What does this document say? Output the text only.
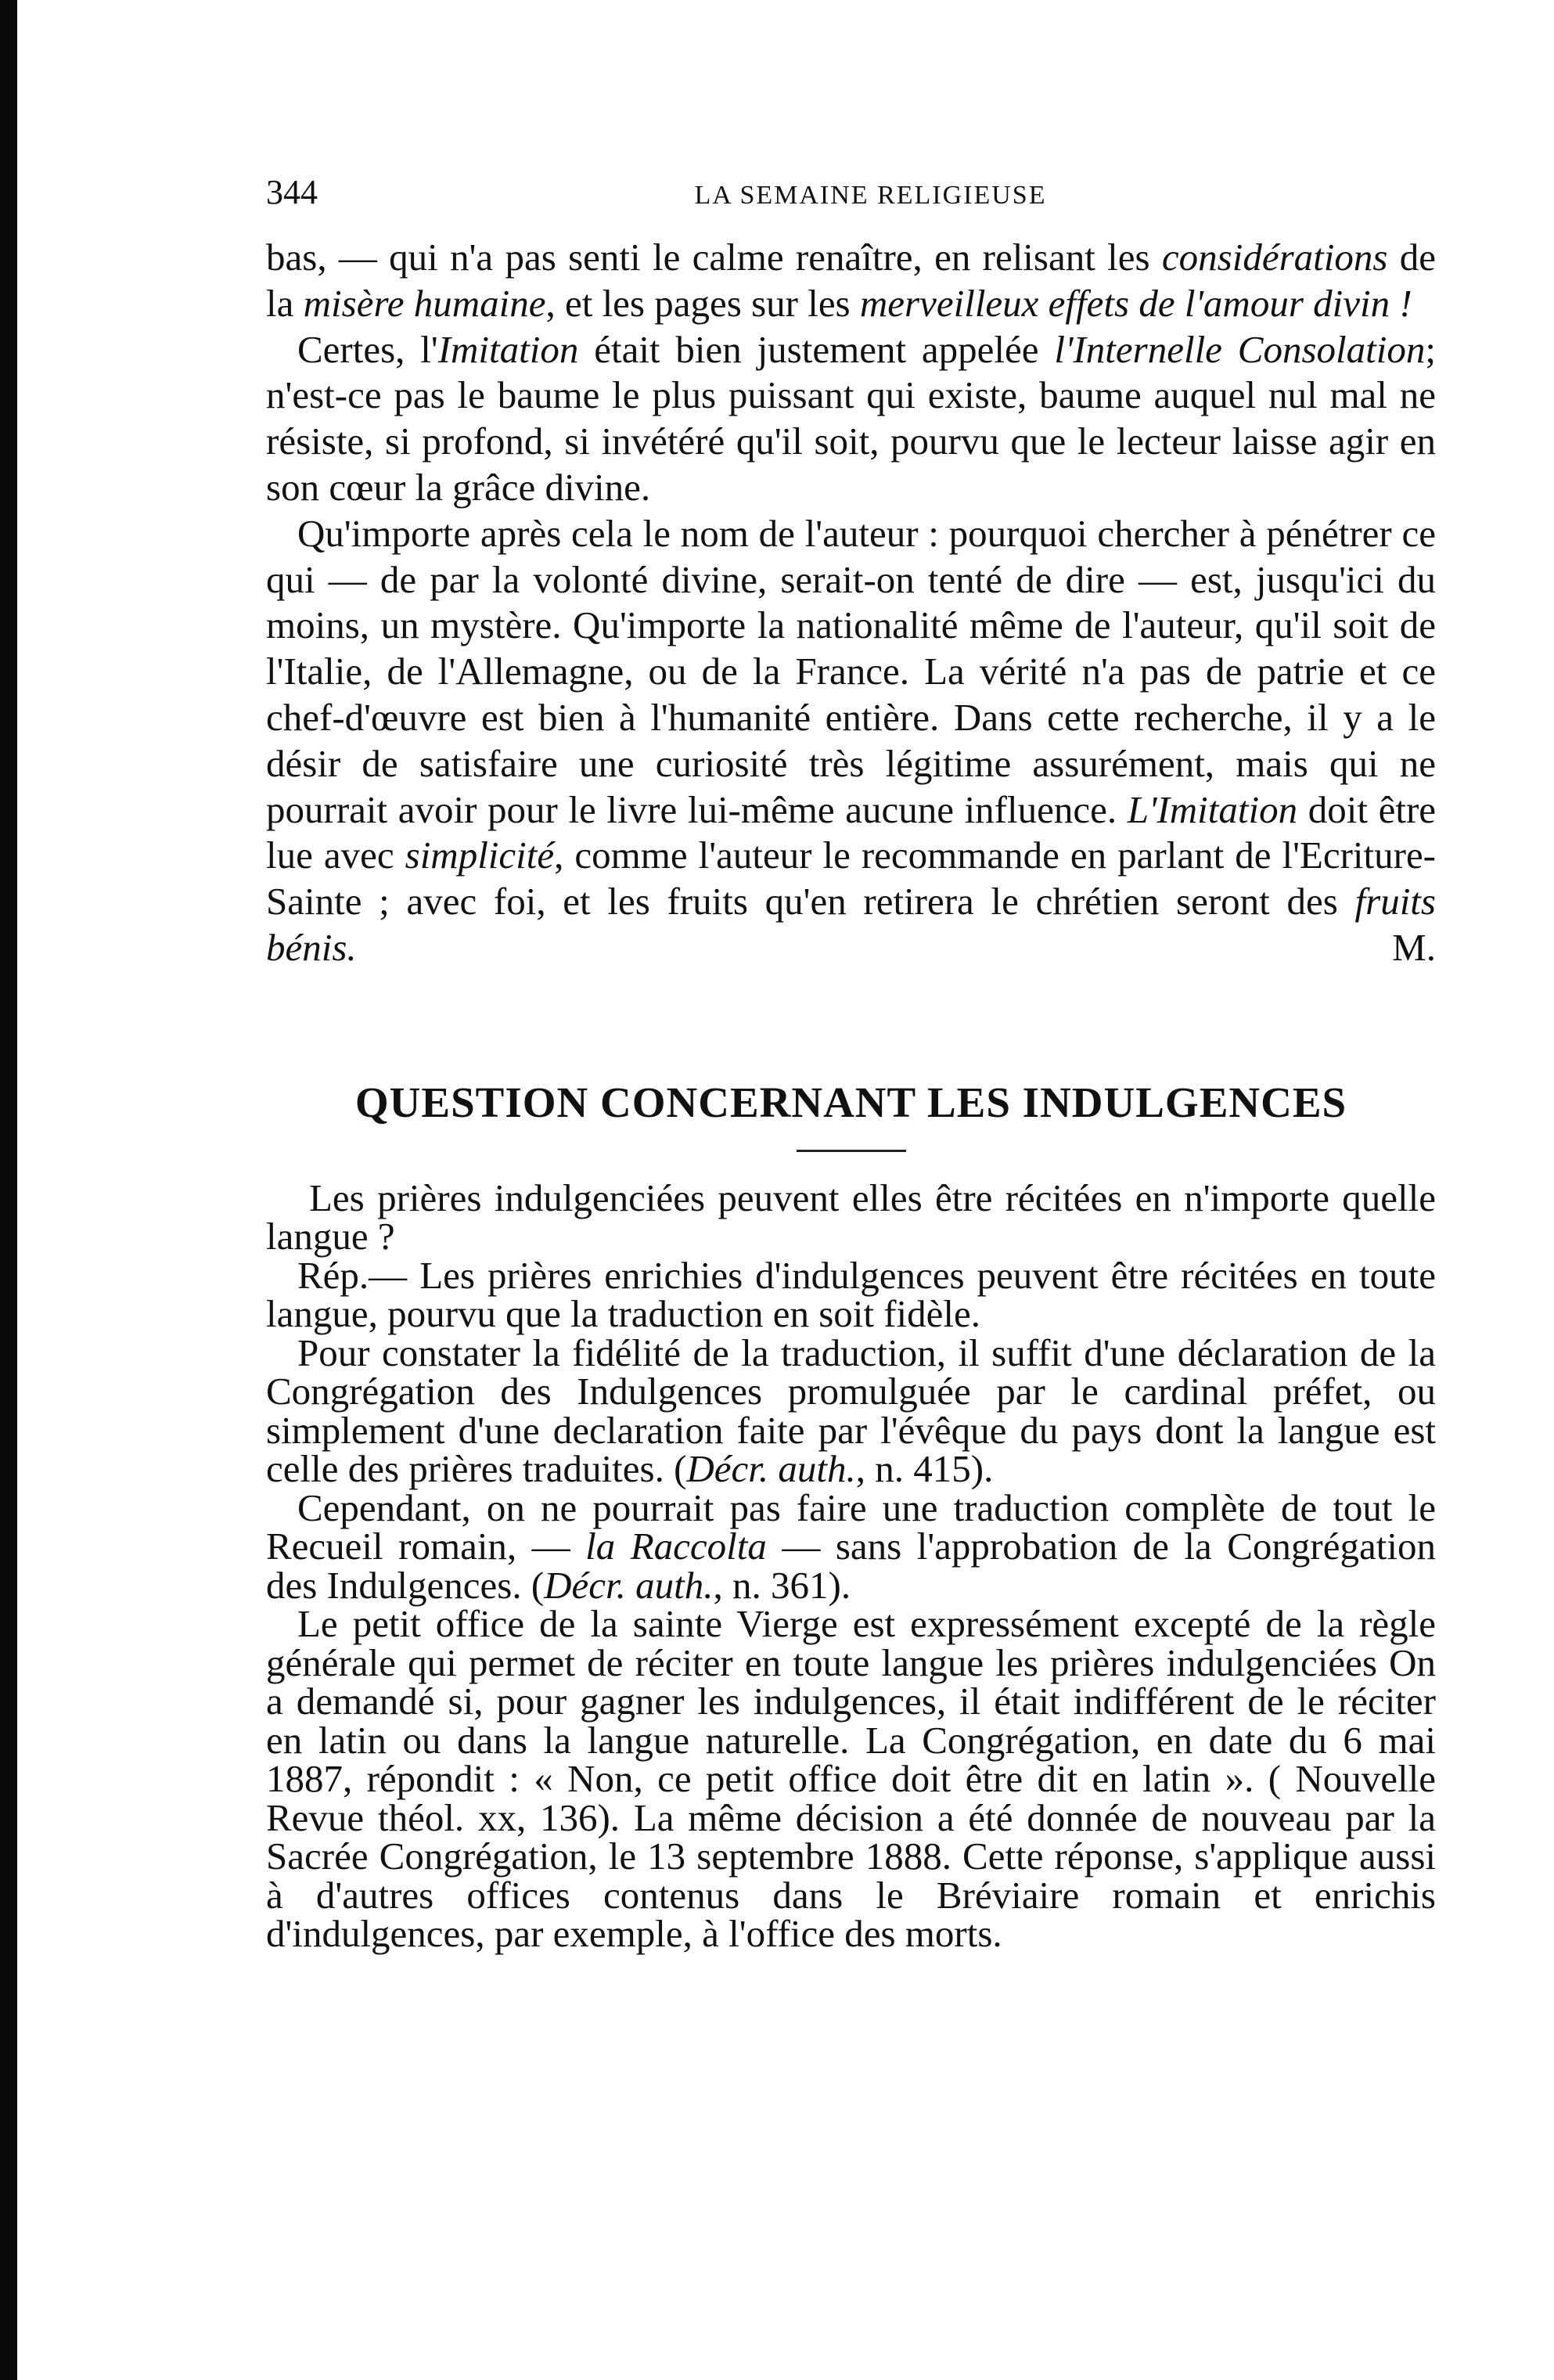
344	LA SEMAINE RELIGIEUSE

bas, — qui n'a pas senti le calme renaître, en relisant les considérations de la misère humaine, et les pages sur les merveilleux effets de l'amour divin !

Certes, l'Imitation était bien justement appelée l'Internelle Consolation; n'est-ce pas le baume le plus puissant qui existe, baume auquel nul mal ne résiste, si profond, si invétéré qu'il soit, pourvu que le lecteur laisse agir en son cœur la grâce divine.

Qu'importe après cela le nom de l'auteur : pourquoi chercher à pénétrer ce qui — de par la volonté divine, serait-on tenté de dire — est, jusqu'ici du moins, un mystère. Qu'importe la nationalité même de l'auteur, qu'il soit de l'Italie, de l'Allemagne, ou de la France. La vérité n'a pas de patrie et ce chef-d'œuvre est bien à l'humanité entière. Dans cette recherche, il y a le désir de satisfaire une curiosité très légitime assurément, mais qui ne pourrait avoir pour le livre lui-même aucune influence. L'Imitation doit être lue avec simplicité, comme l'auteur le recommande en parlant de l'Ecriture-Sainte ; avec foi, et les fruits qu'en retirera le chrétien seront des fruits bénis.	M.

QUESTION CONCERNANT LES INDULGENCES

Les prières indulgenciées peuvent elles être récitées en n'importe quelle langue ?

Rép.— Les prières enrichies d'indulgences peuvent être récitées en toute langue, pourvu que la traduction en soit fidèle.

Pour constater la fidélité de la traduction, il suffit d'une déclaration de la Congrégation des Indulgences promulguée par le cardinal préfet, ou simplement d'une declaration faite par l'évêque du pays dont la langue est celle des prières traduites. (Décr. auth., n. 415).

Cependant, on ne pourrait pas faire une traduction complète de tout le Recueil romain, — la Raccolta — sans l'approbation de la Congrégation des Indulgences. (Décr. auth., n. 361).

Le petit office de la sainte Vierge est expressément excepté de la règle générale qui permet de réciter en toute langue les prières indulgenciées On a demandé si, pour gagner les indulgences, il était indifférent de le réciter en latin ou dans la langue naturelle. La Congrégation, en date du 6 mai 1887, répondit : « Non, ce petit office doit être dit en latin ». ( Nouvelle Revue théol. xx, 136). La même décision a été donnée de nouveau par la Sacrée Congrégation, le 13 septembre 1888. Cette réponse, s'applique aussi à d'autres offices contenus dans le Bréviaire romain et enrichis d'indulgences, par exemple, à l'office des morts.
